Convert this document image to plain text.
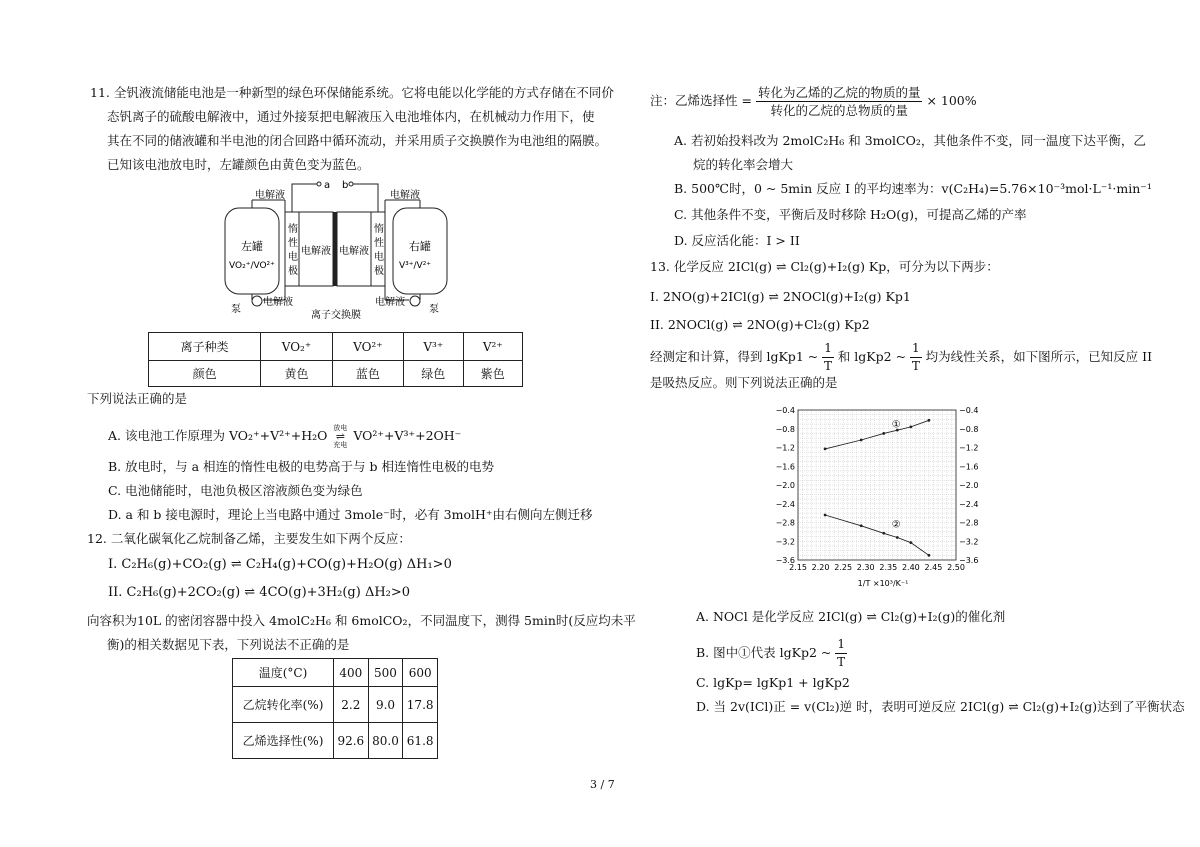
11. 全钒液流储能电池是一种新型的绿色环保储能系统。它将电能以化学能的方式存储在不同价
态钒离子的硫酸电解液中，通过外接泵把电解液压入电池堆体内，在机械动力作用下，使
其在不同的储液罐和半电池的闭合回路中循环流动，并采用质子交换膜作为电池组的隔膜。
已知该电池放电时，左罐颜色由黄色变为蓝色。
a b
电解液	电解液
电解液	电解液
泵	泵
离子交换膜
左罐
VO₂⁺/VO²⁺
右罐
V³⁺/V²⁺
惰
性
电
极
惰
性
电
极
电解液 电解液
离子种类	VO₂⁺	VO²⁺	V³⁺	V²⁺
颜色	黄色	蓝色	绿色	紫色
下列说法正确的是
A. 该电池工作原理为 VO₂⁺+V²⁺+H₂O 放电
⇌
充电
VO²⁺+V³⁺+2OH⁻
B. 放电时，与 a 相连的惰性电极的电势高于与 b 相连惰性电极的电势
C. 电池储能时，电池负极区溶液颜色变为绿色
D. a 和 b 接电源时，理论上当电路中通过 3mole⁻时，必有 3molH⁺由右侧向左侧迁移
12. 二氧化碳氧化乙烷制备乙烯，主要发生如下两个反应：
I. C₂H₆(g)+CO₂(g) ⇌ C₂H₄(g)+CO(g)+H₂O(g) ΔH₁>0
II. C₂H₆(g)+2CO₂(g) ⇌ 4CO(g)+3H₂(g) ΔH₂>0
向容积为10L 的密闭容器中投入 4molC₂H₆ 和 6molCO₂，不同温度下，测得 5min时(反应均未平
衡)的相关数据见下表，下列说法不正确的是
温度(°C)	400	500	600
乙烷转化率(%)	2.2	9.0	17.8
乙烯选择性(%)	92.6	80.0	61.8
3 / 7
注：乙烯选择性 = $\frac{\text{转化为乙烯的乙烷的物质的量}}{\text{转化的乙烷的总物质的量}} \times 100\%$
A. 若初始投料改为 2molC₂H₆ 和 3molCO₂，其他条件不变，同一温度下达平衡，乙
烷的转化率会增大
B. 500℃时，0 ~ 5min 反应 I 的平均速率为：v(C₂H₄)=5.76×10⁻³mol·L⁻¹·min⁻¹
C. 其他条件不变，平衡后及时移除 H₂O(g)，可提高乙烯的产率
D. 反应活化能：I > II
13. 化学反应 2ICl(g) ⇌ Cl₂(g)+I₂(g) Kp，可分为以下两步：
I. 2NO(g)+2ICl(g) ⇌ 2NOCl(g)+I₂(g) Kp1
II. 2NOCl(g) ⇌ 2NO(g)+Cl₂(g) Kp2
经测定和计算，得到 lgKp1 ~ $\frac{1}{T}$ 和 lgKp2 ~ $\frac{1}{T}$ 均为线性关系，如下图所示，已知反应 II
是吸热反应。则下列说法正确的是
2.15 2.20 2.25 2.30 2.35 2.40 2.45 2.50
−0.4	−0.4
−0.8	−0.8
−1.2	−1.2
−1.6	−1.6
−2.0	−2.0
−2.4	−2.4
−2.8	−2.8
−3.2	−3.2
−3.6	−3.6
1/T ×10³/K⁻¹
①
②
A. NOCl 是化学反应 2ICl(g) ⇌ Cl₂(g)+I₂(g)的催化剂
B. 图中①代表 lgKp2 ~ $\frac{1}{T}$
C. lgKp= lgKp1 + lgKp2
D. 当 2v(ICl)正 = v(Cl₂)逆 时，表明可逆反应 2ICl(g) ⇌ Cl₂(g)+I₂(g)达到了平衡状态
